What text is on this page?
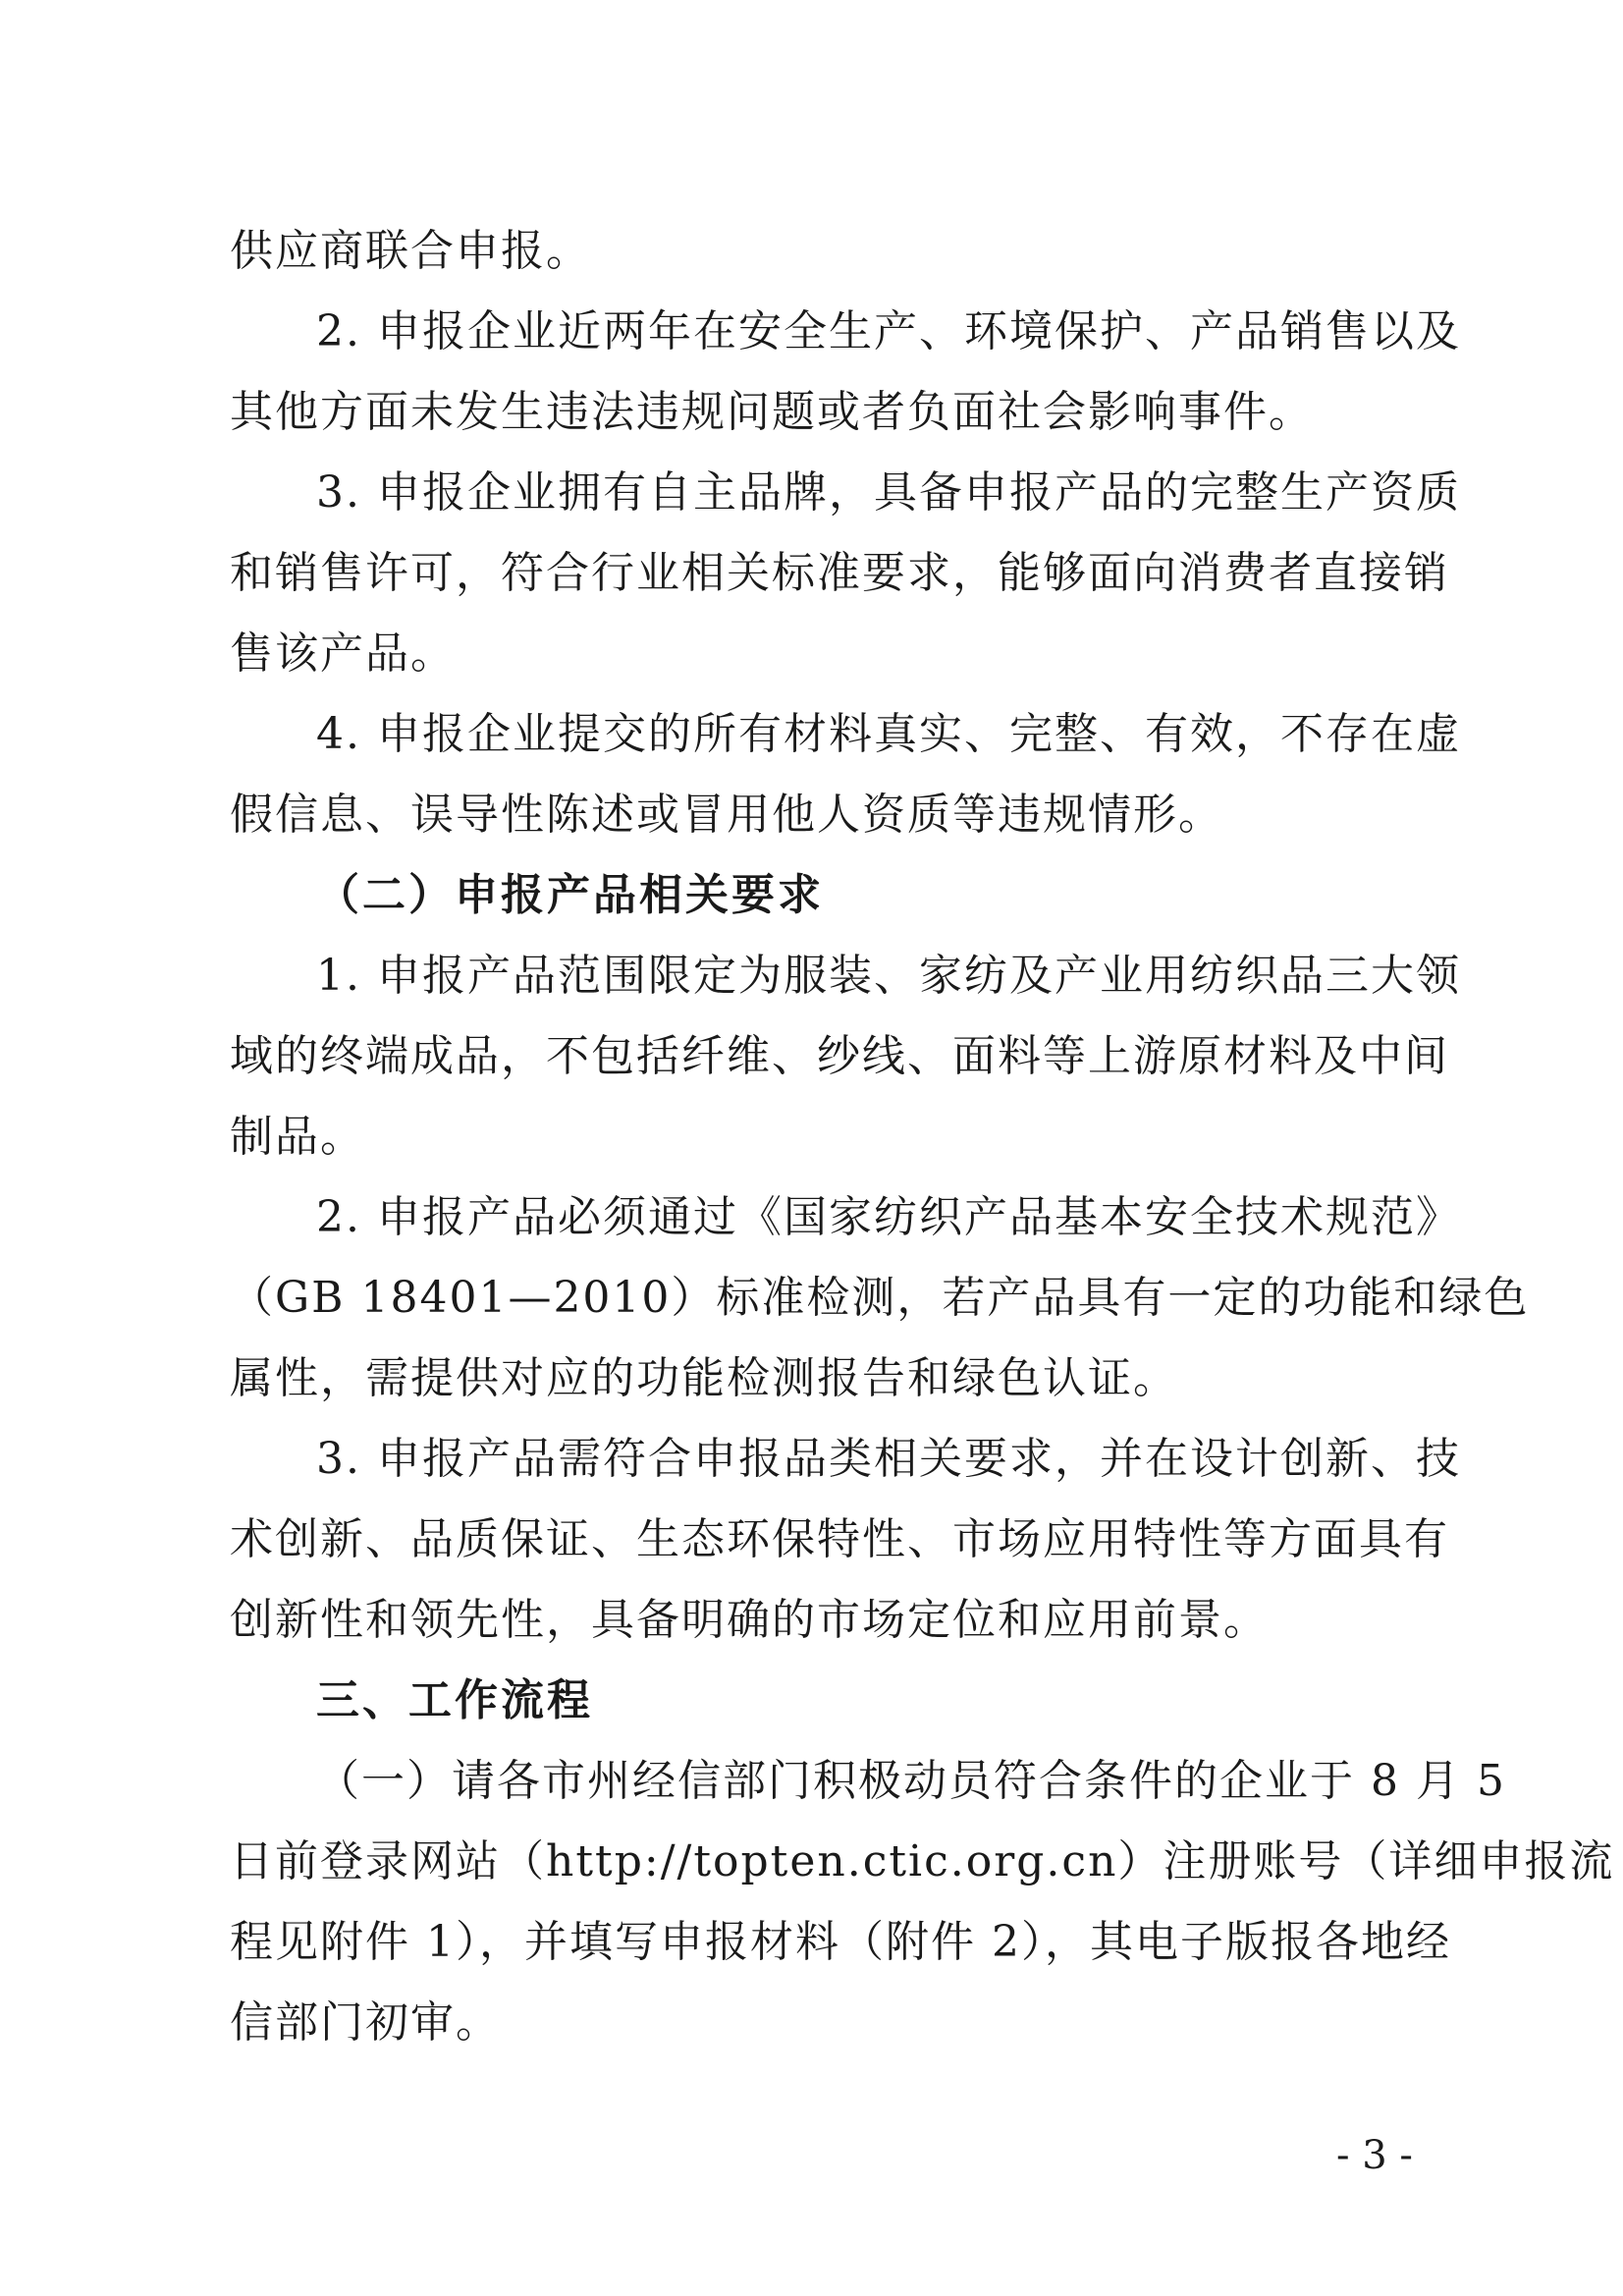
供应商联合申报。
2. 申报企业近两年在安全生产、环境保护、产品销售以及
其他方面未发生违法违规问题或者负面社会影响事件。
3. 申报企业拥有自主品牌，具备申报产品的完整生产资质
和销售许可，符合行业相关标准要求，能够面向消费者直接销
售该产品。
4. 申报企业提交的所有材料真实、完整、有效，不存在虚
假信息、误导性陈述或冒用他人资质等违规情形。
（二）申报产品相关要求
1. 申报产品范围限定为服装、家纺及产业用纺织品三大领
域的终端成品，不包括纤维、纱线、面料等上游原材料及中间
制品。
2. 申报产品必须通过《国家纺织产品基本安全技术规范》
（GB 18401—2010）标准检测，若产品具有一定的功能和绿色
属性，需提供对应的功能检测报告和绿色认证。
3. 申报产品需符合申报品类相关要求，并在设计创新、技
术创新、品质保证、生态环保特性、市场应用特性等方面具有
创新性和领先性，具备明确的市场定位和应用前景。
三、工作流程
（一）请各市州经信部门积极动员符合条件的企业于 8 月 5
日前登录网站（http://topten.ctic.org.cn）注册账号（详细申报流
程见附件 1），并填写申报材料（附件 2），其电子版报各地经
信部门初审。
- 3 -
